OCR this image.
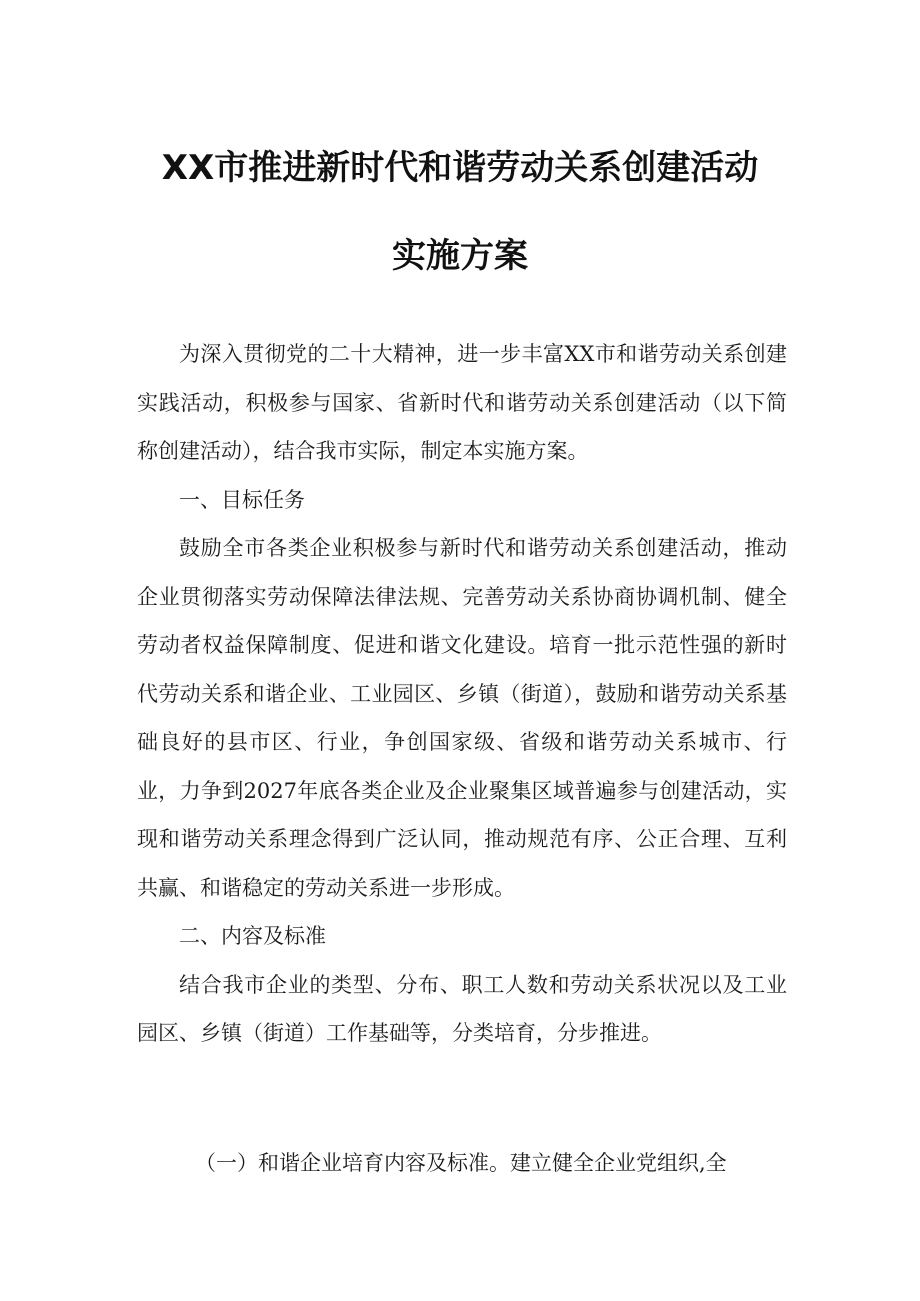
XX市推进新时代和谐劳动关系创建活动
实施方案

为深入贯彻党的二十大精神，进一步丰富XX市和谐劳动关系创建实践活动，积极参与国家、省新时代和谐劳动关系创建活动（以下简称创建活动），结合我市实际，制定本实施方案。

一、目标任务

鼓励全市各类企业积极参与新时代和谐劳动关系创建活动，推动企业贯彻落实劳动保障法律法规、完善劳动关系协商协调机制、健全劳动者权益保障制度、促进和谐文化建设。培育一批示范性强的新时代劳动关系和谐企业、工业园区、乡镇（街道），鼓励和谐劳动关系基础良好的县市区、行业，争创国家级、省级和谐劳动关系城市、行业，力争到2027年底各类企业及企业聚集区域普遍参与创建活动，实现和谐劳动关系理念得到广泛认同，推动规范有序、公正合理、互利共赢、和谐稳定的劳动关系进一步形成。

二、内容及标准

结合我市企业的类型、分布、职工人数和劳动关系状况以及工业园区、乡镇（街道）工作基础等，分类培育，分步推进。

（一）和谐企业培育内容及标准。建立健全企业党组织,全
